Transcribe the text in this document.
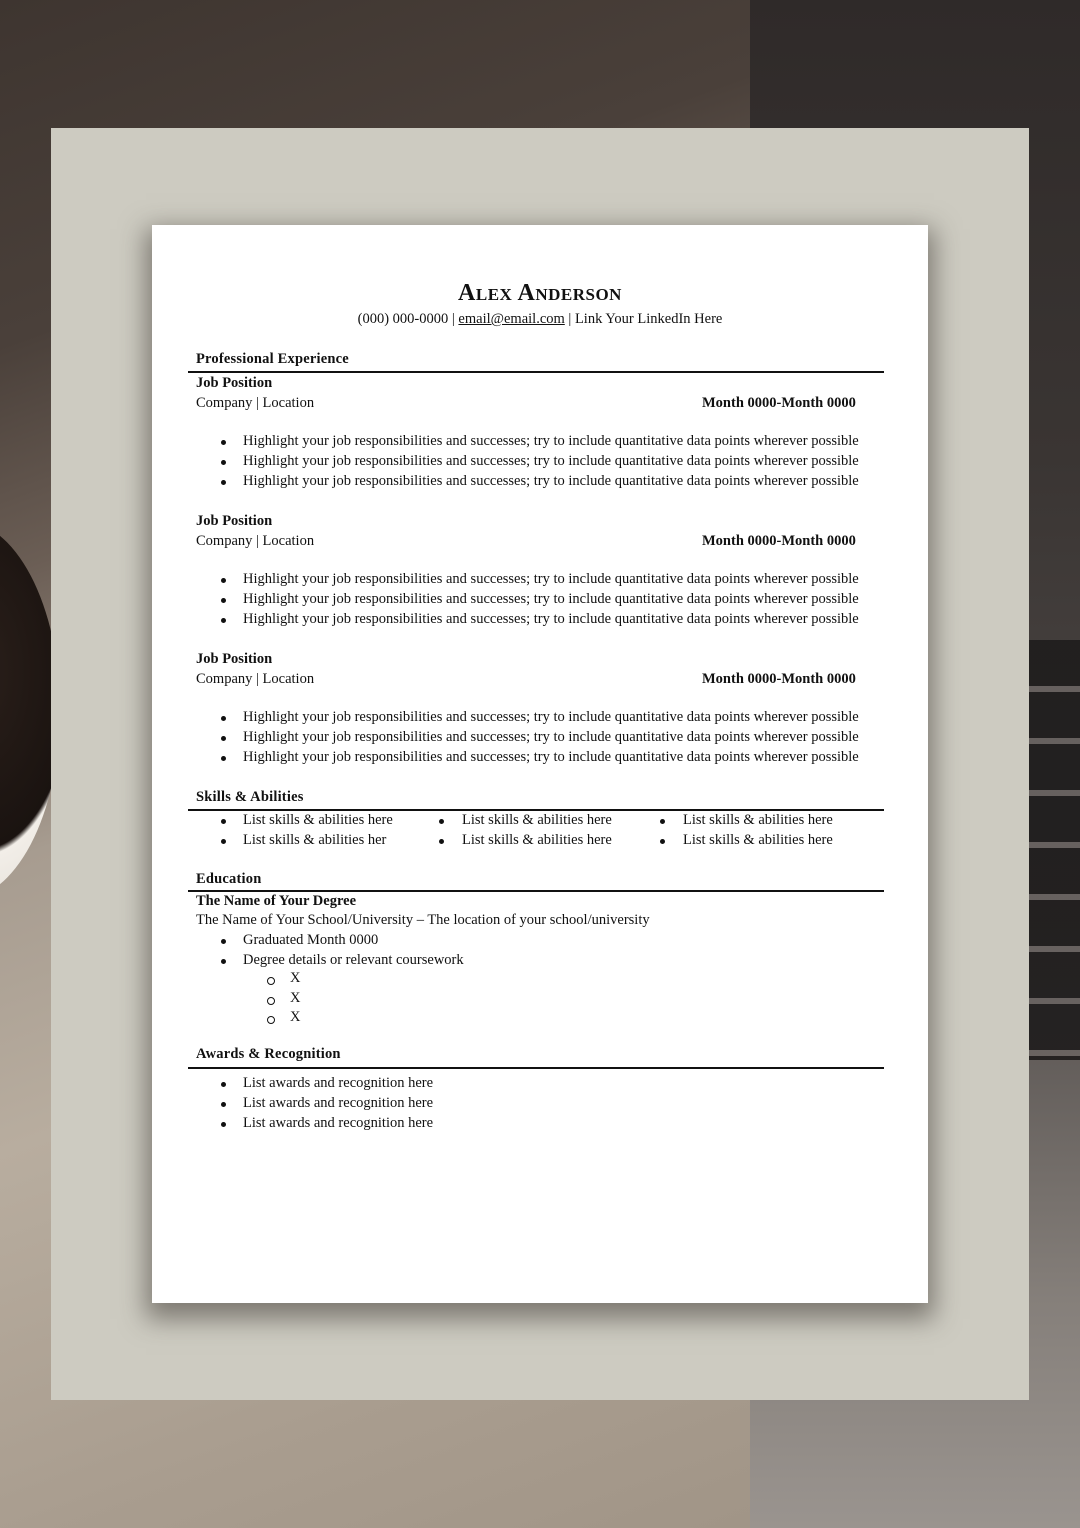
Alex Anderson
(000) 000-0000 | email@email.com | Link Your LinkedIn Here
Professional Experience
Job Position
Company | Location	Month 0000-Month 0000
Highlight your job responsibilities and successes; try to include quantitative data points wherever possible
Highlight your job responsibilities and successes; try to include quantitative data points wherever possible
Highlight your job responsibilities and successes; try to include quantitative data points wherever possible
Job Position
Company | Location	Month 0000-Month 0000
Highlight your job responsibilities and successes; try to include quantitative data points wherever possible
Highlight your job responsibilities and successes; try to include quantitative data points wherever possible
Highlight your job responsibilities and successes; try to include quantitative data points wherever possible
Job Position
Company | Location	Month 0000-Month 0000
Highlight your job responsibilities and successes; try to include quantitative data points wherever possible
Highlight your job responsibilities and successes; try to include quantitative data points wherever possible
Highlight your job responsibilities and successes; try to include quantitative data points wherever possible
Skills & Abilities
List skills & abilities here
List skills & abilities her
List skills & abilities here
List skills & abilities here
List skills & abilities here
List skills & abilities here
Education
The Name of Your Degree
The Name of Your School/University – The location of your school/university
Graduated Month 0000
Degree details or relevant coursework
X
X
X
Awards & Recognition
List awards and recognition here
List awards and recognition here
List awards and recognition here
